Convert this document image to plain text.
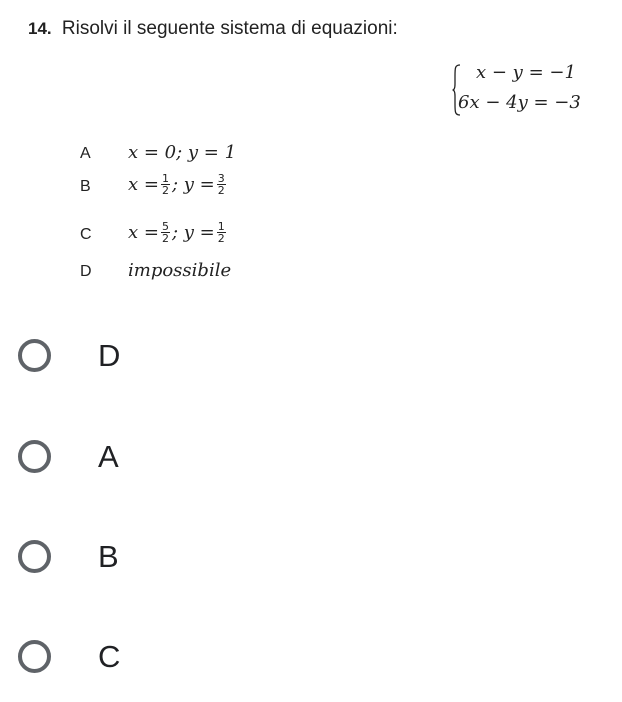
14. Risolvi il seguente sistema di equazioni:
x − y = −1
6x − 4y = −3
A x = 0; y = 1
B $x = \frac{1}{2}$ ; $y = \frac{3}{2}$
C $x = \frac{5}{2}$ ; $y = \frac{1}{2}$
D impossibile
D
A
B
C
